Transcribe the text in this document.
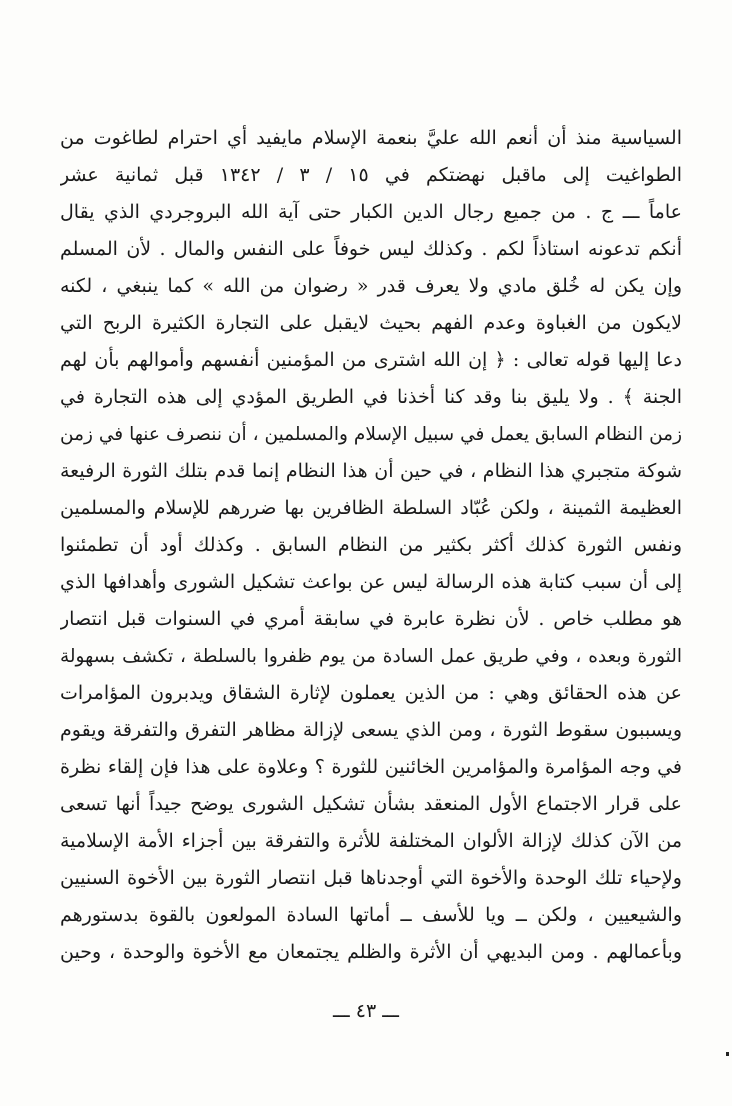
السياسية منذ أن أنعم الله عليَّ بنعمة الإسلام مايفيد أي احترام لطاغوت من
الطواغيت إلى ماقبل نهضتكم في ١٥ / ٣ / ١٣٤٢ قبل ثمانية عشر
عاماً ـــ ج . من جميع رجال الدين الكبار حتى آية الله البروجردي الذي يقال
أنكم تدعونه استاذاً لكم . وكذلك ليس خوفاً على النفس والمال . لأن المسلم
وإن يكن له خُلق مادي ولا يعرف قدر « رضوان من الله » كما ينبغي ، لكنه
لايكون من الغباوة وعدم الفهم بحيث لايقبل على التجارة الكثيرة الربح التي
دعا إليها قوله تعالى : ﴿ إن الله اشترى من المؤمنين أنفسهم وأموالهم بأن لهم
الجنة ﴾ . ولا يليق بنا وقد كنا أخذنا في الطريق المؤدي إلى هذه التجارة في
زمن النظام السابق يعمل في سبيل الإسلام والمسلمين ، أن ننصرف عنها في زمن
شوكة متجبري هذا النظام ، في حين أن هذا النظام إنما قدم بتلك الثورة الرفيعة
العظيمة الثمينة ، ولكن عُبّاد السلطة الظافرين بها ضررهم للإسلام والمسلمين
ونفس الثورة كذلك أكثر بكثير من النظام السابق . وكذلك أود أن تطمئنوا
إلى أن سبب كتابة هذه الرسالة ليس عن بواعث تشكيل الشورى وأهدافها الذي
هو مطلب خاص . لأن نظرة عابرة في سابقة أمري في السنوات قبل انتصار
الثورة وبعده ، وفي طريق عمل السادة من يوم ظفروا بالسلطة ، تكشف بسهولة
عن هذه الحقائق وهي : من الذين يعملون لإثارة الشقاق ويدبرون المؤامرات
ويسببون سقوط الثورة ، ومن الذي يسعى لإزالة مظاهر التفرق والتفرقة ويقوم
في وجه المؤامرة والمؤامرين الخائنين للثورة ؟ وعلاوة على هذا فإن إلقاء نظرة
على قرار الاجتماع الأول المنعقد بشأن تشكيل الشورى يوضح جيداً أنها تسعى
من الآن كذلك لإزالة الألوان المختلفة للأثرة والتفرقة بين أجزاء الأمة الإسلامية
ولإحياء تلك الوحدة والأخوة التي أوجدناها قبل انتصار الثورة بين الأخوة السنيين
والشيعيين ، ولكن ــ ويا للأسف ــ أماتها السادة المولعون بالقوة بدستورهم
وبأعمالهم . ومن البديهي أن الأثرة والظلم يجتمعان مع الأخوة والوحدة ، وحين
ـــ ٤٣ ـــ
